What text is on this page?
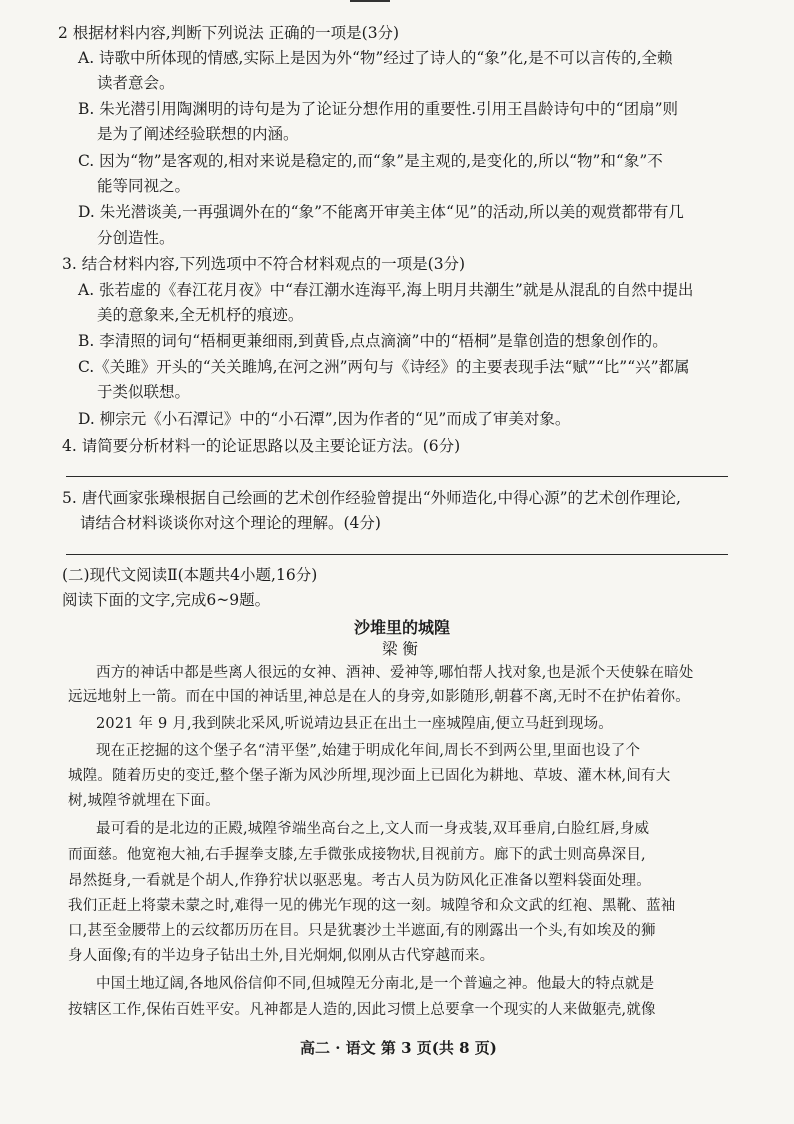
2 根据材料内容,判断下列说法 正确的一项是(3分)
A. 诗歌中所体现的情感,实际上是因为外“物”经过了诗人的“象”化,是不可以言传的,全赖
读者意会。
B. 朱光潜引用陶渊明的诗句是为了论证分想作用的重要性.引用王昌龄诗句中的“团扇”则
是为了阐述经验联想的内涵。
C. 因为“物”是客观的,相对来说是稳定的,而“象”是主观的,是变化的,所以“物”和“象”不
能等同视之。
D. 朱光潜谈美,一再强调外在的“象”不能离开审美主体“见”的活动,所以美的观赏都带有几
分创造性。
3. 结合材料内容,下列选项中不符合材料观点的一项是(3分)
A. 张若虚的《春江花月夜》中“春江潮水连海平,海上明月共潮生”就是从混乱的自然中提出
美的意象来,全无机杼的痕迹。
B. 李清照的词句“梧桐更兼细雨,到黄昏,点点滴滴”中的“梧桐”是靠创造的想象创作的。
C.《关雎》开头的“关关雎鸠,在河之洲”两句与《诗经》的主要表现手法“赋”“比”“兴”都属
于类似联想。
D. 柳宗元《小石潭记》中的“小石潭”,因为作者的“见”而成了审美对象。
4. 请简要分析材料一的论证思路以及主要论证方法。(6分)
5. 唐代画家张璪根据自己绘画的艺术创作经验曾提出“外师造化,中得心源”的艺术创作理论,
请结合材料谈谈你对这个理论的理解。(4分)
(二)现代文阅读Ⅱ(本题共4小题,16分)
阅读下面的文字,完成6~9题。
沙堆里的城隍
梁 衡
西方的神话中都是些离人很远的女神、酒神、爱神等,哪怕帮人找对象,也是派个天使躲在暗处
远远地射上一箭。而在中国的神话里,神总是在人的身旁,如影随形,朝暮不离,无时不在护佑着你。
2021 年 9 月,我到陕北采风,听说靖边县正在出土一座城隍庙,便立马赶到现场。
现在正挖掘的这个堡子名“清平堡”,始建于明成化年间,周长不到两公里,里面也设了个
城隍。随着历史的变迁,整个堡子渐为风沙所埋,现沙面上已固化为耕地、草坡、灌木林,间有大
树,城隍爷就埋在下面。
最可看的是北边的正殿,城隍爷端坐高台之上,文人而一身戎装,双耳垂肩,白脸红唇,身威
而面慈。他宽袍大袖,右手握拳支膝,左手微张成接物状,目视前方。廊下的武士则高鼻深目,
昂然挺身,一看就是个胡人,作狰狞状以驱恶鬼。考古人员为防风化正准备以塑料袋面处理。
我们正赶上将蒙未蒙之时,难得一见的佛光乍现的这一刻。城隍爷和众文武的红袍、黑靴、蓝袖
口,甚至金腰带上的云纹都历历在目。只是犹裹沙土半遮面,有的刚露出一个头,有如埃及的狮
身人面像;有的半边身子钻出土外,目光炯炯,似刚从古代穿越而来。
中国土地辽阔,各地风俗信仰不同,但城隍无分南北,是一个普遍之神。他最大的特点就是
按辖区工作,保佑百姓平安。凡神都是人造的,因此习惯上总要拿一个现实的人来做躯壳,就像
高二 · 语文 第 3 页(共 8 页)
